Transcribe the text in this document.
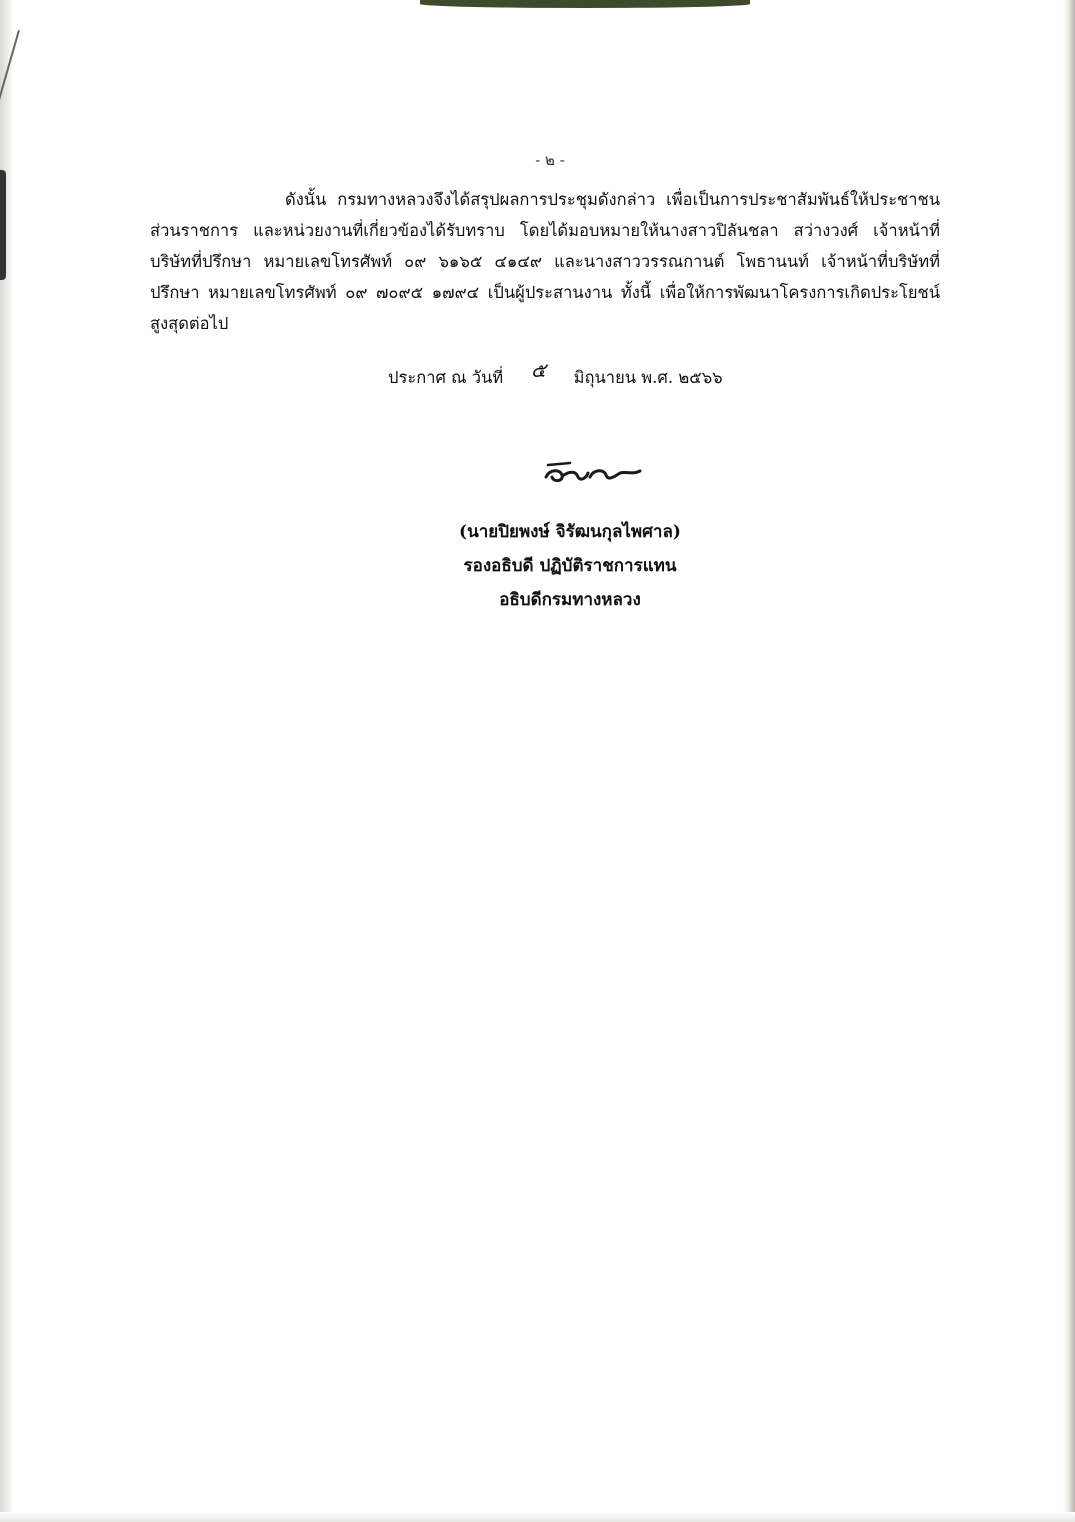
- ๒ -

ดังนั้น กรมทางหลวงจึงได้สรุปผลการประชุมดังกล่าว เพื่อเป็นการประชาสัมพันธ์ให้ประชาชน ส่วนราชการ และหน่วยงานที่เกี่ยวข้องได้รับทราบ โดยได้มอบหมายให้นางสาวปิลันชลา สว่างวงศ์ เจ้าหน้าที่บริษัทที่ปรึกษา หมายเลขโทรศัพท์ ๐๙ ๖๑๖๕ ๔๑๔๙ และนางสาววรรณกานต์ โพธานนท์ เจ้าหน้าที่บริษัทที่ปรึกษา หมายเลขโทรศัพท์ ๐๙ ๗๐๙๕ ๑๗๙๔ เป็นผู้ประสานงาน ทั้งนี้ เพื่อให้การพัฒนาโครงการเกิดประโยชน์สูงสุดต่อไป

ประกาศ ณ วันที่ ๕ มิถุนายน พ.ศ. ๒๕๖๖
(นายปิยพงษ์ จิรัฒนกุลไพศาล)
รองอธิบดี ปฏิบัติราชการแทน
อธิบดีกรมทางหลวง
